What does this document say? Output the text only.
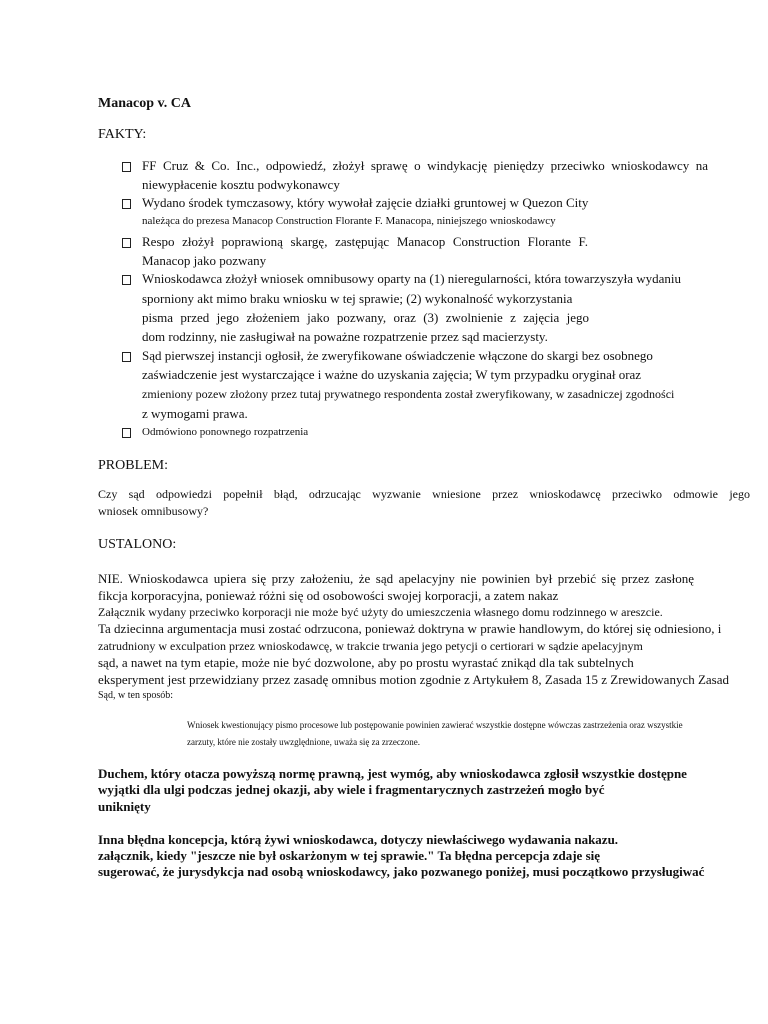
Manacop v. CA
FAKTY:
FF Cruz & Co. Inc., odpowiedź, złożył sprawę o windykację pieniędzy przeciwko wnioskodawcy na
niewypłacenie kosztu podwykonawcy
Wydano środek tymczasowy, który wywołał zajęcie działki gruntowej w Quezon City
należąca do prezesa Manacop Construction Florante F. Manacopa, niniejszego wnioskodawcy
Respo złożył poprawioną skargę, zastępując Manacop Construction Florante F.
Manacop jako pozwany
Wnioskodawca złożył wniosek omnibusowy oparty na (1) nieregularności, która towarzyszyła wydaniu
sporniony akt mimo braku wniosku w tej sprawie; (2) wykonalność wykorzystania
pisma przed jego złożeniem jako pozwany, oraz (3) zwolnienie z zajęcia jego
dom rodzinny, nie zasługiwał na poważne rozpatrzenie przez sąd macierzysty.
Sąd pierwszej instancji ogłosił, że zweryfikowane oświadczenie włączone do skargi bez osobnego
zaświadczenie jest wystarczające i ważne do uzyskania zajęcia; W tym przypadku oryginał oraz
zmieniony pozew złożony przez tutaj prywatnego respondenta został zweryfikowany, w zasadniczej zgodności
z wymogami prawa.
Odmówiono ponownego rozpatrzenia
PROBLEM:
Czy sąd odpowiedzi popełnił błąd, odrzucając wyzwanie wniesione przez wnioskodawcę przeciwko odmowie jego
wniosek omnibusowy?
USTALONO:
NIE. Wnioskodawca upiera się przy założeniu, że sąd apelacyjny nie powinien był przebić się przez zasłonę
fikcja korporacyjna, ponieważ różni się od osobowości swojej korporacji, a zatem nakaz
Załącznik wydany przeciwko korporacji nie może być użyty do umieszczenia własnego domu rodzinnego w areszcie.
Ta dziecinna argumentacja musi zostać odrzucona, ponieważ doktryna w prawie handlowym, do której się odniesiono, i
zatrudniony w exculpation przez wnioskodawcę, w trakcie trwania jego petycji o certiorari w sądzie apelacyjnym
sąd, a nawet na tym etapie, może nie być dozwolone, aby po prostu wyrastać znikąd dla tak subtelnych
eksperyment jest przewidziany przez zasadę omnibus motion zgodnie z Artykułem 8, Zasada 15 z Zrewidowanych Zasad
Sąd, w ten sposób:
Wniosek kwestionujący pismo procesowe lub postępowanie powinien zawierać wszystkie dostępne wówczas zastrzeżenia oraz wszystkie
zarzuty, które nie zostały uwzględnione, uważa się za zrzeczone.
Duchem, który otacza powyższą normę prawną, jest wymóg, aby wnioskodawca zgłosił wszystkie dostępne
wyjątki dla ulgi podczas jednej okazji, aby wiele i fragmentarycznych zastrzeżeń mogło być
uniknięty
Inna błędna koncepcja, którą żywi wnioskodawca, dotyczy niewłaściwego wydawania nakazu.
załącznik, kiedy "jeszcze nie był oskarżonym w tej sprawie." Ta błędna percepcja zdaje się
sugerować, że jurysdykcja nad osobą wnioskodawcy, jako pozwanego poniżej, musi początkowo przysługiwać
